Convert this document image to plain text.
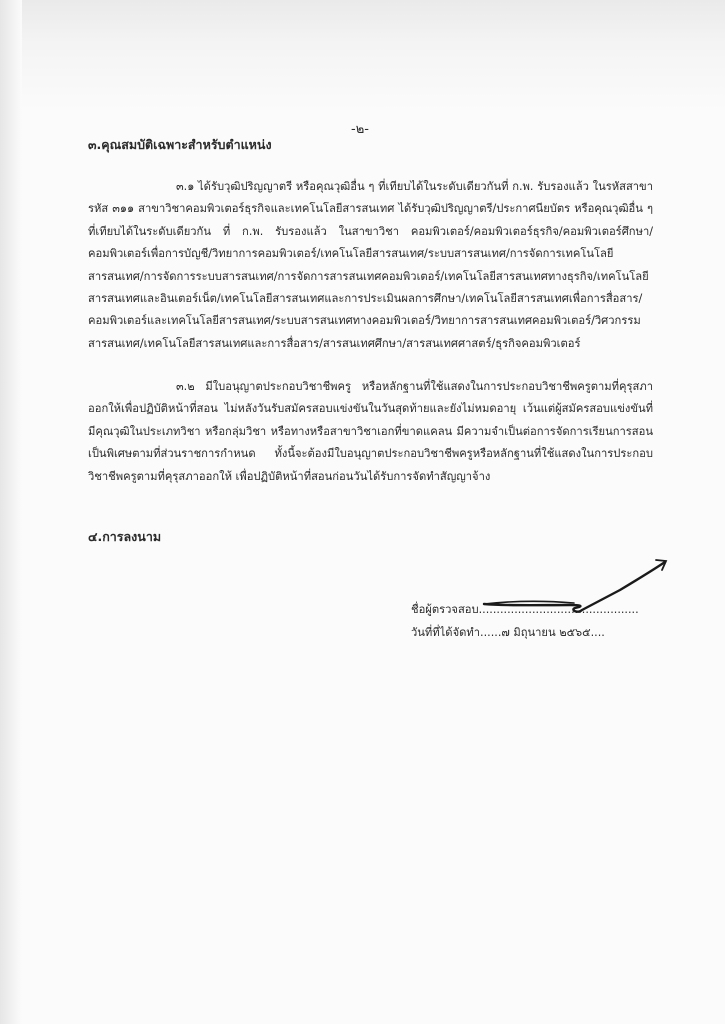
-๒-
๓.คุณสมบัติเฉพาะสำหรับตำแหน่ง

๓.๑ ได้รับวุฒิปริญญาตรี หรือคุณวุฒิอื่น ๆ ที่เทียบได้ในระดับเดียวกันที่ ก.พ. รับรองแล้ว ในรหัสสาขา รหัส ๓๑๑ สาขาวิชาคอมพิวเตอร์ธุรกิจและเทคโนโลยีสารสนเทศ ได้รับวุฒิปริญญาตรี/ประกาศนียบัตร หรือคุณวุฒิอื่น ๆ ที่เทียบได้ในระดับเดียวกัน ที่ ก.พ. รับรองแล้ว ในสาขาวิชา คอมพิวเตอร์/คอมพิวเตอร์ธุรกิจ/คอมพิวเตอร์ศึกษา/คอมพิวเตอร์เพื่อการบัญชี/วิทยาการคอมพิวเตอร์/เทคโนโลยีสารสนเทศ/ระบบสารสนเทศ/การจัดการเทคโนโลยีสารสนเทศ/การจัดการระบบสารสนเทศ/การจัดการสารสนเทศคอมพิวเตอร์/เทคโนโลยีสารสนเทศทางธุรกิจ/เทคโนโลยีสารสนเทศและอินเตอร์เน็ต/เทคโนโลยีสารสนเทศและการประเมินผลการศึกษา/เทคโนโลยีสารสนเทศเพื่อการสื่อสาร/คอมพิวเตอร์และเทคโนโลยีสารสนเทศ/ระบบสารสนเทศทางคอมพิวเตอร์/วิทยาการสารสนเทศคอมพิวเตอร์/วิศวกรรมสารสนเทศ/เทคโนโลยีสารสนเทศและการสื่อสาร/สารสนเทศศึกษา/สารสนเทศศาสตร์/ธุรกิจคอมพิวเตอร์

๓.๒ มีใบอนุญาตประกอบวิชาชีพครู หรือหลักฐานที่ใช้แสดงในการประกอบวิชาชีพครูตามที่คุรุสภาออกให้เพื่อปฏิบัติหน้าที่สอน ไม่หลังวันรับสมัครสอบแข่งขันในวันสุดท้ายและยังไม่หมดอายุ เว้นแต่ผู้สมัครสอบแข่งขันที่มีคุณวุฒิในประเภทวิชา หรือกลุ่มวิชา หรือทางหรือสาขาวิชาเอกที่ขาดแคลน มีความจำเป็นต่อการจัดการเรียนการสอนเป็นพิเศษตามที่ส่วนราชการกำหนด ทั้งนี้จะต้องมีใบอนุญาตประกอบวิชาชีพครูหรือหลักฐานที่ใช้แสดงในการประกอบวิชาชีพครูตามที่คุรุสภาออกให้ เพื่อปฏิบัติหน้าที่สอนก่อนวันได้รับการจัดทำสัญญาจ้าง

๔.การลงนาม
ชื่อผู้ตรวจสอบ.............................................
วันที่ที่ได้จัดทำ......๗ มิถุนายน ๒๕๖๕....
